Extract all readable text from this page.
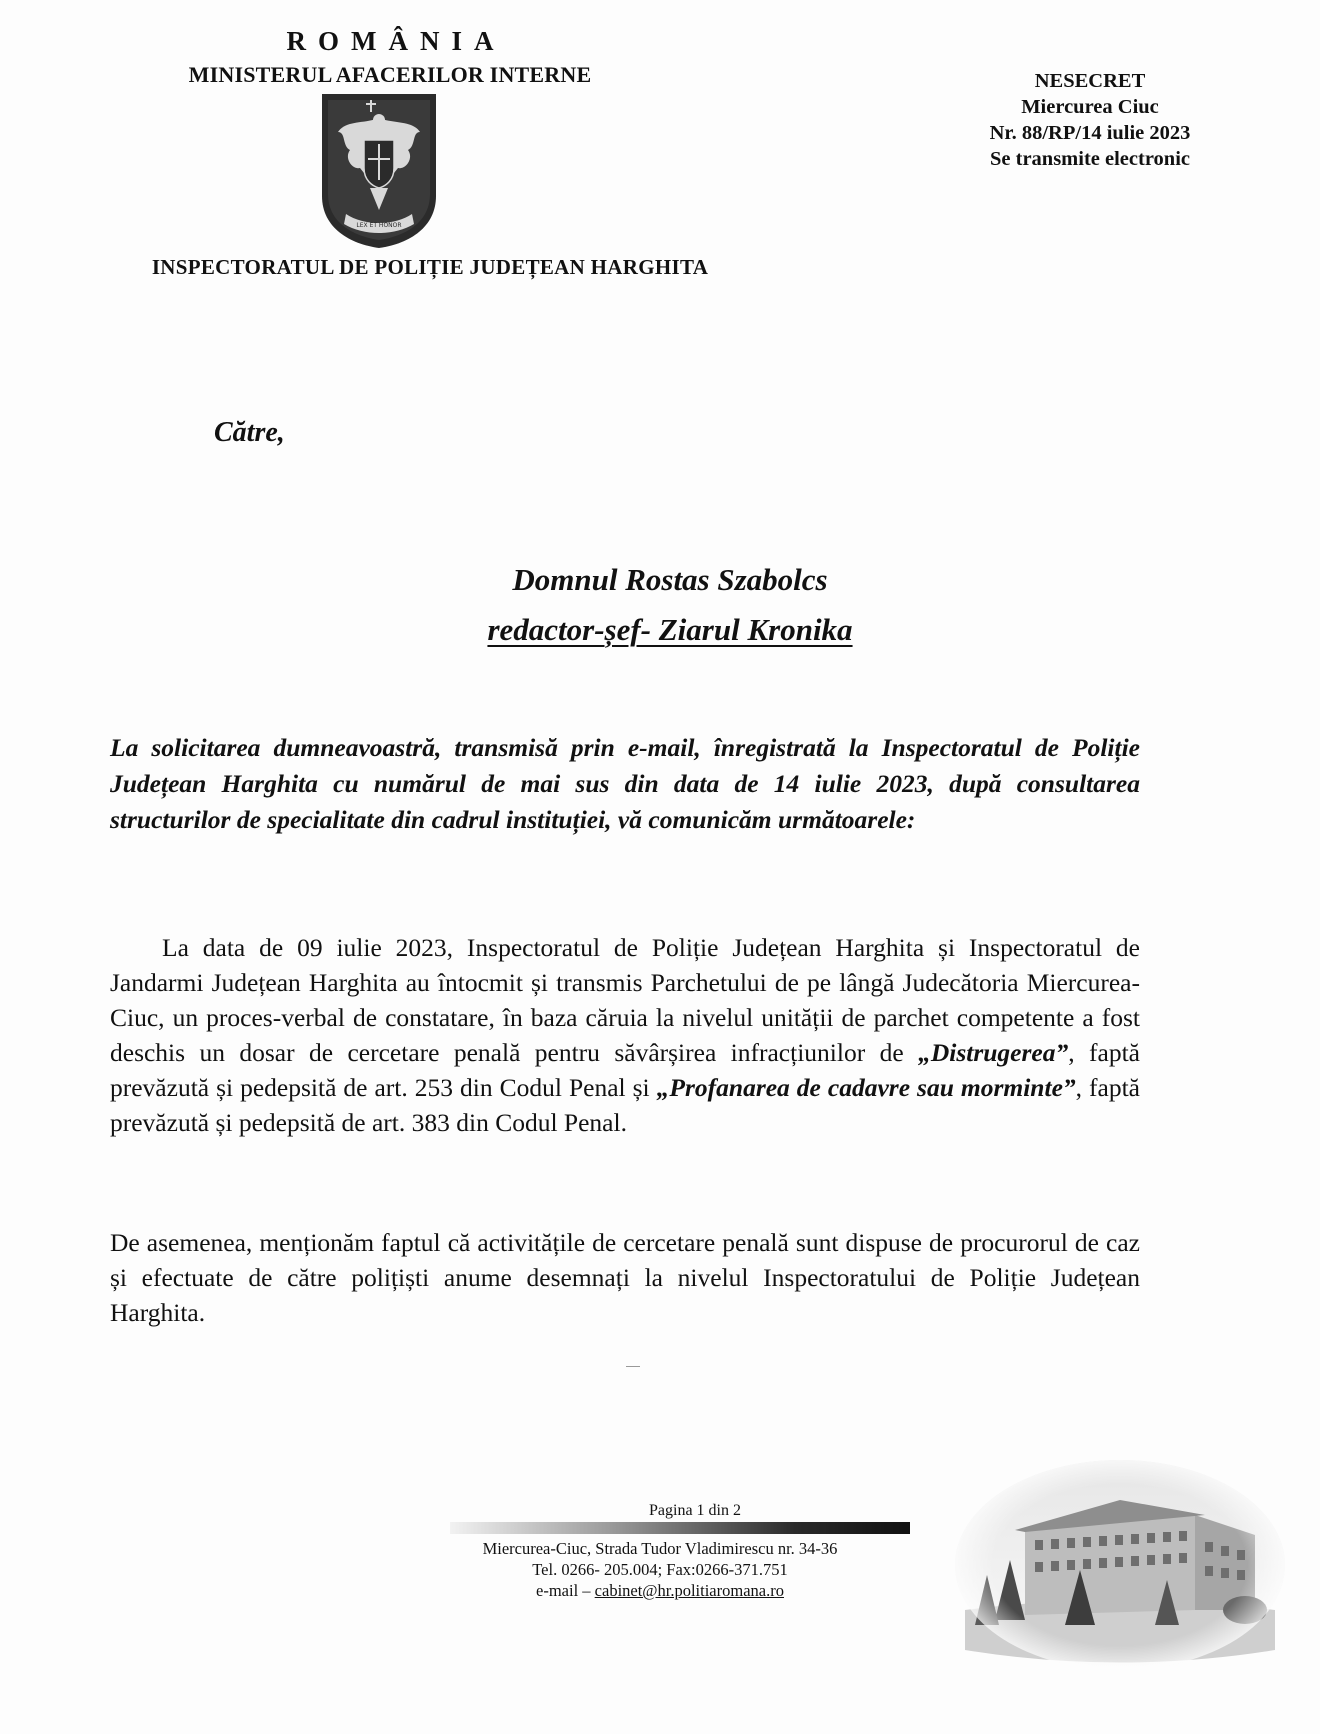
ROMÂNIA
MINISTERUL AFACERILOR INTERNE
LEX ET HONOR
INSPECTORATUL DE POLIȚIE JUDEȚEAN HARGHITA
NESECRET
Miercurea Ciuc
Nr. 88/RP/14 iulie 2023
Se transmite electronic
Către,
Domnul Rostas Szabolcs
redactor-șef- Ziarul Kronika
La solicitarea dumneavoastră, transmisă prin e-mail, înregistrată la Inspectoratul de Poliție Județean Harghita cu numărul de mai sus din data de 14 iulie 2023, după consultarea structurilor de specialitate din cadrul instituției, vă comunicăm următoarele:
La data de 09 iulie 2023, Inspectoratul de Poliție Județean Harghita și Inspectoratul de Jandarmi Județean Harghita au întocmit și transmis Parchetului de pe lângă Judecătoria Miercurea-Ciuc, un proces-verbal de constatare, în baza căruia la nivelul unității de parchet competente a fost deschis un dosar de cercetare penală pentru săvârșirea infracțiunilor de „Distrugerea”, faptă prevăzută și pedepsită de art. 253 din Codul Penal și „Profanarea de cadavre sau morminte”, faptă prevăzută și pedepsită de art. 383 din Codul Penal.
De asemenea, menționăm faptul că activitățile de cercetare penală sunt dispuse de procurorul de caz și efectuate de către polițiști anume desemnați la nivelul Inspectoratului de Poliție Județean Harghita.
Pagina 1 din 2
Miercurea-Ciuc, Strada Tudor Vladimirescu nr. 34-36
Tel. 0266- 205.004; Fax:0266-371.751
e-mail – cabinet@hr.politiaromana.ro
